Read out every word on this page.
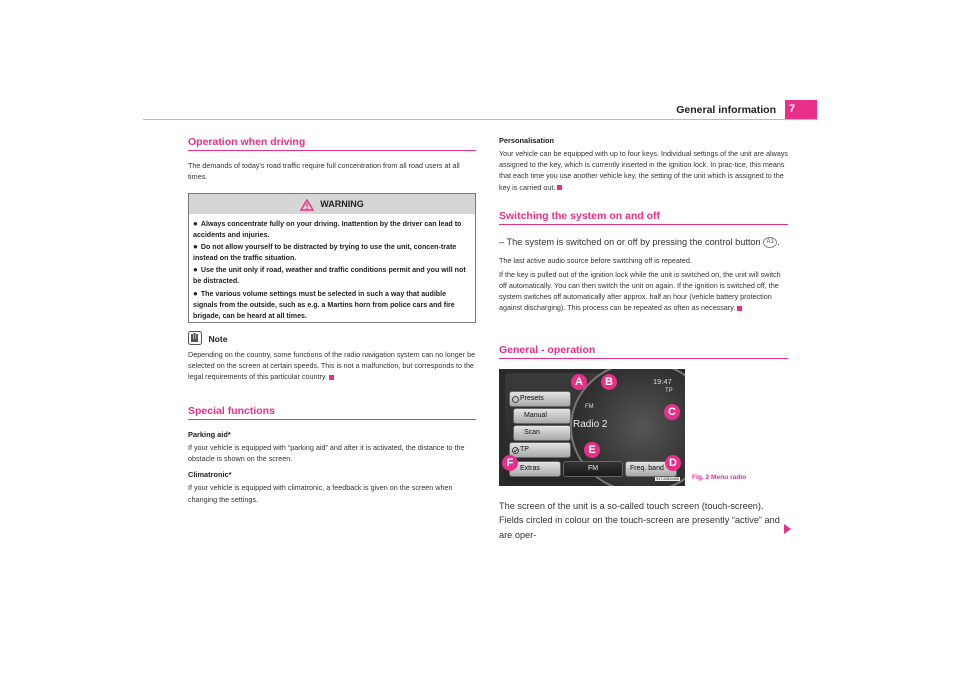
General information	7
Operation when driving

The demands of today's road traffic require full concentration from all road users at all times.

WARNING

● Always concentrate fully on your driving. Inattention by the driver can lead to accidents and injuries.

● Do not allow yourself to be distracted by trying to use the unit, concen-trate instead on the traffic situation.

● Use the unit only if road, weather and traffic conditions permit and you will not be distracted.

● The various volume settings must be selected in such a way that audible signals from the outside, such as e.g. a Martins horn from police cars and fire brigade, can be heard at all times.

Note

Depending on the country, some functions of the radio navigation system can no longer be selected on the screen at certain speeds. This is not a malfunction, but corresponds to the legal requirements of this particular country.

Special functions
Parking aid*

If your vehicle is equipped with “parking aid” and after it is activated, the distance to the obstacle is shown on the screen.

Climatronic*

If your vehicle is equipped with climatronic, a feedback is given on the screen when changing the settings.

Personalisation

Your vehicle can be equipped with up to four keys. Individual settings of the unit are always assigned to the key, which is currently inserted in the ignition lock. In prac-tice, this means that each time you use another vehicle key, the setting of the unit which is assigned to the key is carried out.

Switching the system on and off

– The system is switched on or off by pressing the control button A1 .

The last active audio source before switching off is repeated.

If the key is pulled out of the ignition lock while the unit is switched on, the unit will switch off automatically. You can then switch the unit on again. If the ignition is switched off, the system switches off automatically after approx. half an hour (vehicle battery protection against discharging). This process can be repeated as often as necessary.

General - operation
Presets
Manual
Scan
TP
Extras	FM	Freq. band
19:47
TP
FM
Radio 2
S4T-20810466
A	B
C
D
E
F
Fig. 2 Menu radio

The screen of the unit is a so-called touch screen (touch-screen). Fields circled in colour on the touch-screen are presently “active” and are oper-
